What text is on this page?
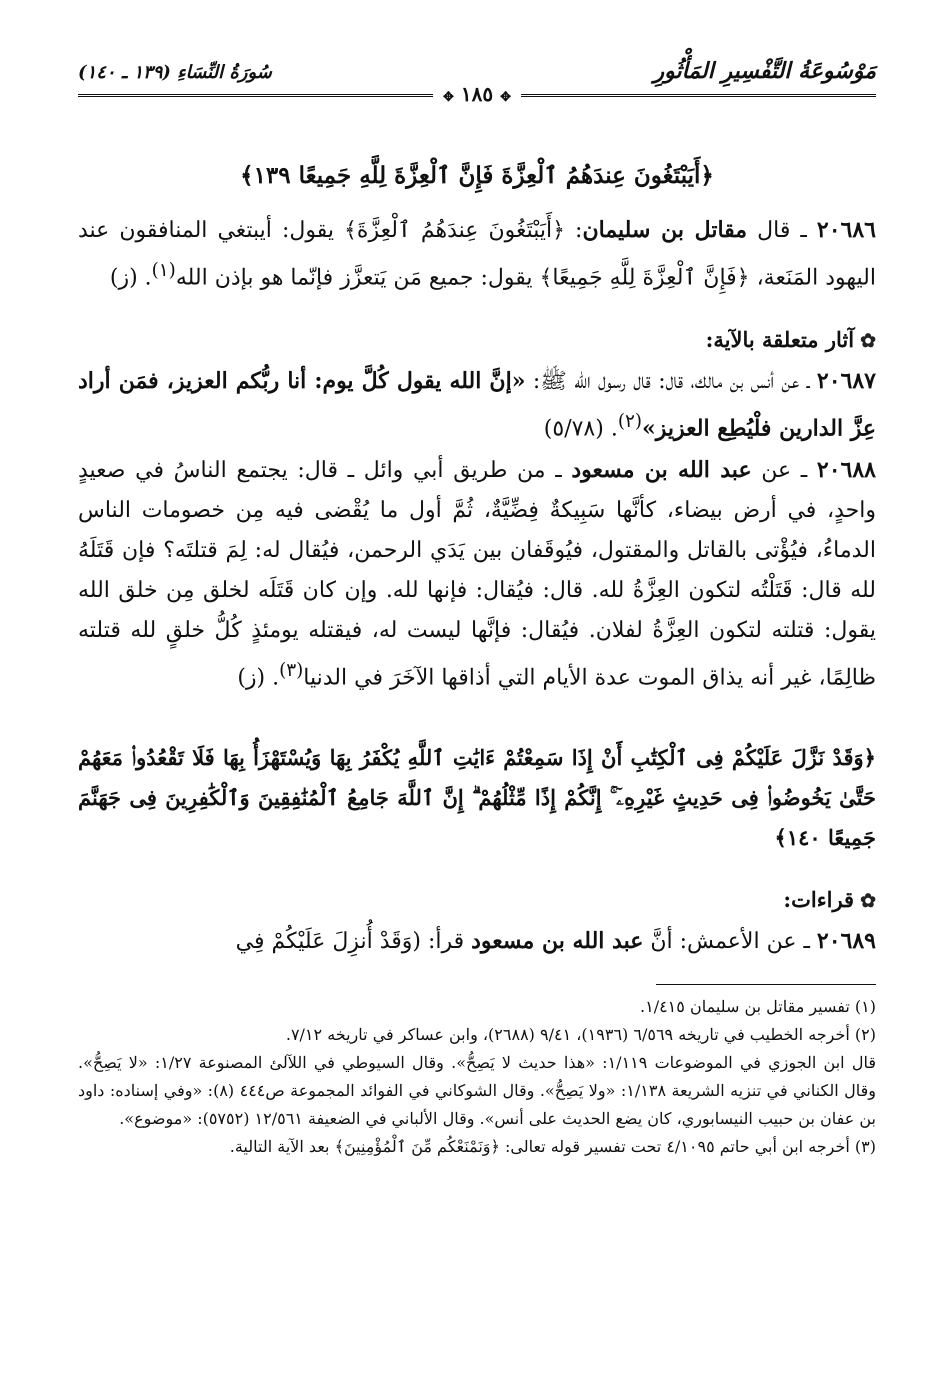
مَوْسُوعَةُ التَّفْسِيرِ المَأْثُورِ
سُورَةُ النِّسَاءِ (١٣٩ ـ ١٤٠)
✥ ١٨٥ ✥
﴿أَيَبْتَغُونَ عِندَهُمُ ٱلْعِزَّةَ فَإِنَّ ٱلْعِزَّةَ لِلَّهِ جَمِيعًا ١٣٩﴾

٢٠٦٨٦ ـ قال مقاتل بن سليمان: ﴿أَيَبْتَغُونَ عِندَهُمُ ٱلْعِزَّةَ﴾ يقول: أيبتغي المنافقون عند اليهود المَنَعة، ﴿فَإِنَّ ٱلْعِزَّةَ لِلَّهِ جَمِيعًا﴾ يقول: جميع مَن يَتعزَّز فإنّما هو بإذن الله$^{(١)}$. (ز)

✿آثار متعلقة بالآية:

٢٠٦٨٧ ـ عن أنس بن مالك، قال: قال رسول الله ﷺ: «إنَّ الله يقول كُلَّ يوم: أنا ربُّكم العزيز، فمَن أراد عِزَّ الدارين فلْيُطِع العزيز»$^{(٢)}$. (٥/٧٨)

٢٠٦٨٨ ـ عن عبد الله بن مسعود ـ من طريق أبي وائل ـ قال: يجتمع الناسُ في صعيدٍ واحدٍ، في أرض بيضاء، كأنَّها سَبِيكةٌ فِضِّيَّةٌ، ثُمَّ أول ما يُقْضى فيه مِن خصومات الناس الدماءُ، فيُؤْتى بالقاتل والمقتول، فيُوقَفان بين يَدَي الرحمن، فيُقال له: لِمَ قتلتَه؟ فإن قَتَلَهُ لله قال: قَتَلْتُه لتكون العِزَّةُ لله. قال: فيُقال: فإنها لله. وإن كان قَتَلَه لخلق مِن خلق الله يقول: قتلته لتكون العِزَّةُ لفلان. فيُقال: فإنَّها ليست له، فيقتله يومئذٍ كُلُّ خلقٍ لله قتلته ظالِمًا، غير أنه يذاق الموت عدة الأيام التي أذاقها الآخَرَ في الدنيا$^{(٣)}$. (ز)

﴿وَقَدْ نَزَّلَ عَلَيْكُمْ فِى ٱلْكِتَٰبِ أَنْ إِذَا سَمِعْتُمْ ءَايَٰتِ ٱللَّهِ يُكْفَرُ بِهَا وَيُسْتَهْزَأُ بِهَا فَلَا تَقْعُدُوا۟ مَعَهُمْ حَتَّىٰ يَخُوضُوا۟ فِى حَدِيثٍ غَيْرِهِۦٓ ۚ إِنَّكُمْ إِذًا مِّثْلُهُمْ ۗ إِنَّ ٱللَّهَ جَامِعُ ٱلْمُنَٰفِقِينَ وَٱلْكَٰفِرِينَ فِى جَهَنَّمَ جَمِيعًا ١٤٠﴾
✿قراءات:

٢٠٦٨٩ ـ عن الأعمش: أنَّ عبد الله بن مسعود قرأ: (وَقَدْ أُنزِلَ عَلَيْكُمْ فِي

(١) تفسير مقاتل بن سليمان ١/٤١٥.

(٢) أخرجه الخطيب في تاريخه ٦/٥٦٩ (١٩٣٦)، ٩/٤١ (٢٦٨٨)، وابن عساكر في تاريخه ٧/١٢.

قال ابن الجوزي في الموضوعات ١/١١٩: «هذا حديث لا يَصِحُّ». وقال السيوطي في اللآلئ المصنوعة ١/٢٧: «لا يَصِحُّ». وقال الكناني في تنزيه الشريعة ١/١٣٨: «ولا يَصِحُّ». وقال الشوكاني في الفوائد المجموعة ص٤٤٤ (٨): «وفي إسناده: داود بن عفان بن حبيب النيسابوري، كان يضع الحديث على أنس». وقال الألباني في الضعيفة ١٢/٥٦١ (٥٧٥٢): «موضوع».

(٣) أخرجه ابن أبي حاتم ٤/١٠٩٥ تحت تفسير قوله تعالى: ﴿وَنَمْنَعْكُم مِّنَ ٱلْمُؤْمِنِينَ﴾ بعد الآية التالية.
